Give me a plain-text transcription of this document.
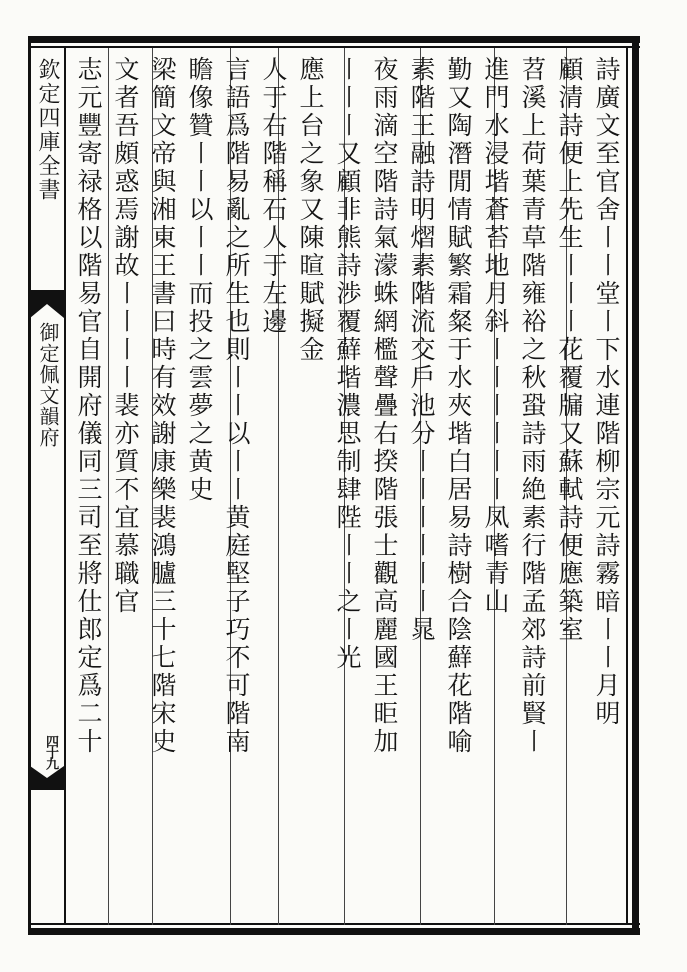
欽定四庫全書
御定佩文韻府
四十九
詩廣文至官舍〡〡堂〡下水連階柳宗元詩霧暗〡〡月明
顧清詩便上先生〡〡〡花覆牖又蘇軾詩便應築室
苕溪上荷葉青草階雍裕之秋蛩詩雨絶素行階孟郊詩前賢〡
進門水浸堦蒼苔地月斜〡〡〡〡〡〡凤嗜青山
勤又陶潛閒情賦繁霜粲于水夾堦白居易詩樹合陰蘚花階喻
素階王融詩明熠素階流交戶池分〡〡〡〡〡〡晁
夜雨滴空階詩氣濛蛛網檻聲疊右揆階張士觀高麗國王昛加
〡〡〡又顧非熊詩渉覆蘚堦濃思制肆陛〡〡之〡光
應上台之象又陳暄賦擬金
人于右階稱石人于左邊
言語爲階易亂之所生也則〡〡以〡〡黄庭堅子巧不可階南
瞻像贊〡〡以〡〡而投之雲夢之黄史
梁簡文帝與湘東王書曰時有效謝康樂裴鴻臚三十七階宋史
文者吾頗惑焉謝故〡〡〡〡裴亦質不宜慕職官
志元豐寄禄格以階易官自開府儀同三司至將仕郎定爲二十
